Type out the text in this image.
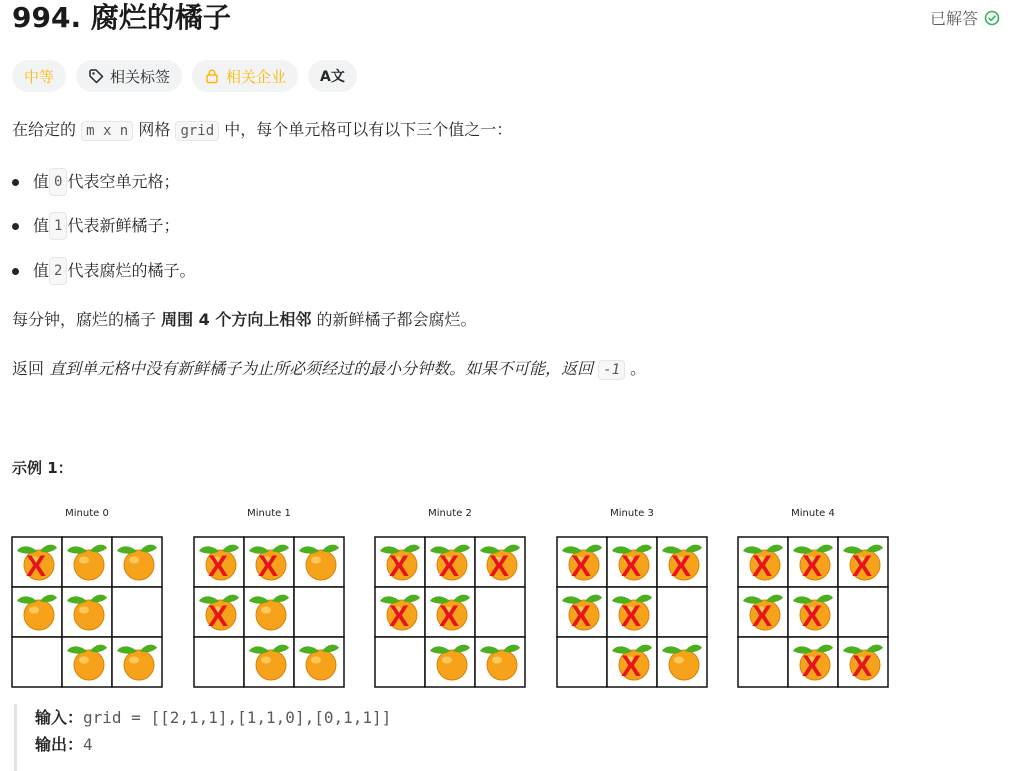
994. 腐烂的橘子	已解答
中等	相关标签	相关企业 A文

在给定的 m x n 网格 grid 中，每个单元格可以有以下三个值之一：

值 0 代表空单元格；
值 1 代表新鲜橘子；
值 2 代表腐烂的橘子。

每分钟，腐烂的橘子 周围 4 个方向上相邻 的新鲜橘子都会腐烂。

返回 直到单元格中没有新鲜橘子为止所必须经过的最小分钟数。如果不可能，返回 -1 。

示例 1：

Minute 0
X
Minute 1
X X
X
Minute 2
X X X
X X
Minute 3
X X X
X X
X
Minute 4
X X X
X X
X X
输入：grid = [[2,1,1],[1,1,0],[0,1,1]]
输出：4
